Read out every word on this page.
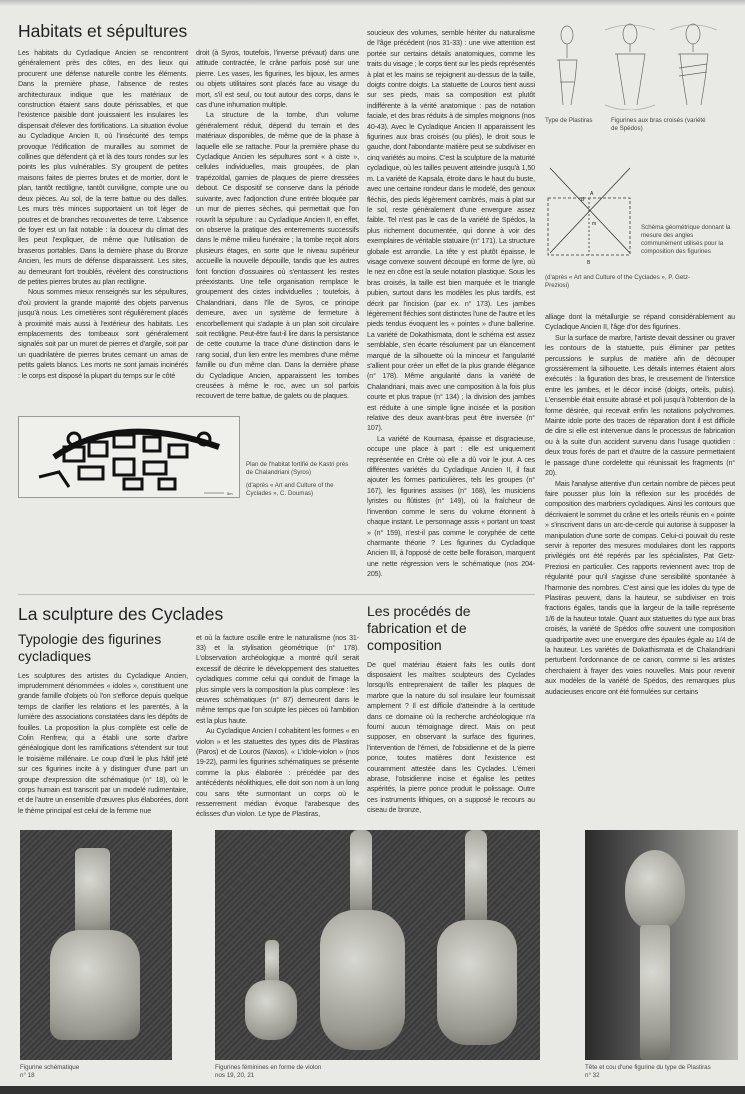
Habitats et sépultures

Les habitats du Cycladique Ancien se rencontrent généralement près des côtes, en des lieux qui procurent une défense naturelle contre les éléments. Dans la première phase, l'absence de restes architecturaux indique que les matériaux de construction étaient sans doute périssables, et que l'existence paisible dont jouissaient les insulaires les dispensait d'élever des fortifications. La situation évolue au Cycladique Ancien II, où l'insécurité des temps provoque l'édification de murailles au sommet de collines que défendent çà et là des tours rondes sur les points les plus vulnérables. S'y groupent de petites maisons faites de pierres brutes et de mortier, dont le plan, tantôt rectiligne, tantôt curviligne, compte une ou deux pièces. Au sol, de la terre battue ou des dalles. Les murs très minces supportaient un toit léger de poutres et de branches recouvertes de terre. L'absence de foyer est un fait notable : la douceur du climat des îles peut l'expliquer, de même que l'utilisation de braseros portables. Dans la dernière phase du Bronze Ancien, les murs de défense disparaissent. Les sites, au demeurant fort troublés, révèlent des constructions de petites pierres brutes au plan rectiligne.

Nous sommes mieux renseignés sur les sépultures, d'où provient la grande majorité des objets parvenus jusqu'à nous. Les cimetières sont régulièrement placés à proximité mais aussi à l'extérieur des habitats. Les emplacements des tombeaux sont généralement signalés soit par un muret de pierres et d'argile, soit par un quadrilatère de pierres brutes cernant un amas de petits galets blancs. Les morts ne sont jamais incinérés : le corps est disposé la plupart du temps sur le côté

droit (à Syros, toutefois, l'inverse prévaut) dans une attitude contractée, le crâne parfois posé sur une pierre. Les vases, les figurines, les bijoux, les armes ou objets utilitaires sont placés face au visage du mort, s'il est seul, ou tout autour des corps, dans le cas d'une inhumation multiple.

La structure de la tombe, d'un volume généralement réduit, dépend du terrain et des matériaux disponibles, de même que de la phase à laquelle elle se rattache. Pour la première phase du Cycladique Ancien les sépultures sont « à ciste », cellules individuelles, mais groupées, de plan trapézoïdal, garnies de plaques de pierre dressées debout. Ce dispositif se conserve dans la période suivante, avec l'adjonction d'une entrée bloquée par un mur de pierres sèches, qui permettait que l'on rouvrît la sépulture : au Cycladique Ancien II, en effet, on observe la pratique des enterrements successifs dans le même milieu funéraire ; la tombe reçoit alors plusieurs étages, en sorte que le niveau supérieur accueille la nouvelle dépouille, tandis que les autres font fonction d'ossuaires où s'entassent les restes préexistants. Une telle organisation remplace le groupement des cistes individuelles ; toutefois, à Chalandriani, dans l'île de Syros, ce principe demeure, avec un système de fermeture à encorbellement qui s'adapte à un plan soit circulaire soit rectiligne. Peut-être faut-il lire dans la persistance de cette coutume la trace d'une distinction dans le rang social, d'un lien entre les membres d'une même famille ou d'un même clan. Dans la dernière phase du Cycladique Ancien, apparaissent les tombes creusées à même le roc, avec un sol parfois recouvert de terre battue, de galets ou de plaques.

5m
Plan de l'habitat fortifié de Kastri près de Chalandriani (Syros)
(d'après « Art and Culture of the Cyclades », C. Doumas)

soucieux des volumes, semble hériter du naturalisme de l'âge précédent (nos 31-33) : une vive attention est portée sur certains détails anatomiques, comme les traits du visage ; le corps tient sur les pieds représentés à plat et les mains se rejoignent au-dessus de la taille, doigts contre doigts. La statuette de Louros tient aussi sur ses pieds, mais sa composition est plutôt indifférente à la vérité anatomique : pas de notation faciale, et des bras réduits à de simples moignons (nos 40-43). Avec le Cycladique Ancien II apparaissent les figurines aux bras croisés (ou pliés), le droit sous le gauche, dont l'abondante matière peut se subdiviser en cinq variétés au moins. C'est la sculpture de la maturité cycladique, où les tailles peuvent atteindre jusqu'à 1,50 m. La variété de Kapsala, étroite dans le haut du buste, avec une certaine rondeur dans le modelé, des genoux fléchis, des pieds légèrement cambrés, mais à plat sur le sol, reste généralement d'une envergure assez faible. Tel n'est pas le cas de la variété de Spédos, la plus richement documentée, qui donne à voir des exemplaires de véritable statuaire (n° 171). La structure globale est arrondie. La tête y est plutôt épaisse, le visage convexe souvent découpé en forme de lyre, où le nez en cône est la seule notation plastique. Sous les bras croisés, la taille est bien marquée et le triangle pubien, surtout dans les modèles les plus tardifs, est décrit par l'incision (par ex. n° 173). Les jambes légèrement fléchies sont distinctes l'une de l'autre et les pieds tendus évoquent les « pointes » d'une ballerine. La variété de Dokathismata, dont le schéma est assez semblable, s'en écarte résolument par un élancement marqué de la silhouette où la minceur et l'angularité s'allient pour créer un effet de la plus grande élégance (n° 178). Même angularité dans la variété de Chalandriani, mais avec une composition à la fois plus courte et plus trapue (n° 134) ; la division des jambes est réduite à une simple ligne incisée et la position relative des deux avant-bras peut être inversée (n° 107).

La variété de Koumasa, épaisse et disgracieuse, occupe une place à part : elle est uniquement représentée en Crète où elle a dû voir le jour. A ces différentes variétés du Cycladique Ancien II, il faut ajouter les formes particulières, tels les groupes (n° 167), les figurines assises (n° 168), les musiciens lyristes ou flûtistes (n° 149), où la fraîcheur de l'invention comme le sens du volume étonnent à chaque instant. Le personnage assis « portant un toast » (n° 159), n'est-il pas comme le coryphée de cette charmante théorie ? Les figurines du Cycladique Ancien III, à l'opposé de cette belle floraison, marquent une nette régression vers le schématique (nos 204-205).

La sculpture des Cyclades
Typologie des figurines cycladiques

Les sculptures des artistes du Cycladique Ancien, imprudemment dénommées « idoles », constituent une grande famille d'objets où l'on s'efforce depuis quelque temps de clarifier les relations et les parentés, à la lumière des associations constatées dans les dépôts de fouilles. La proposition la plus complète est celle de Colin Renfrew, qui a établi une sorte d'arbre généalogique dont les ramifications s'étendent sur tout le troisième millénaire. Le coup d'œil le plus hâtif jeté sur ces figurines incite à y distinguer d'une part un groupe d'expression dite schématique (n° 18), où le corps humain est transcrit par un modelé rudimentaire, et de l'autre un ensemble d'œuvres plus élaborées, dont le thème principal est celui de la femme nue

et où la facture oscille entre le naturalisme (nos 31-33) et la stylisation géométrique (n° 178). L'observation archéologique a montré qu'il serait excessif de décrire le développement des statuettes cycladiques comme celui qui conduit de l'image la plus simple vers la composition la plus complexe : les œuvres schématiques (n° 87) demeurent dans le même temps que l'on sculpte les pièces où l'ambition est la plus haute.

Au Cycladique Ancien I cohabitent les formes « en violon » et les statuettes des types dits de Plastiras (Paros) et de Louros (Naxos). « L'idole-violon » (nos 19-22), parmi les figurines schématiques se présente comme la plus élaborée : précédée par des antécédents néolithiques, elle doit son nom à un long cou sans tête surmontant un corps où le resserrement médian évoque l'arabesque des éclisses d'un violon. Le type de Plastiras,

Les procédés de fabrication et de composition

De quel matériau étaient faits les outils dont disposaient les maîtres sculpteurs des Cyclades lorsqu'ils entreprenaient de tailler les plaques de marbre que la nature du sol insulaire leur fournissait amplement ? Il est difficile d'atteindre à la certitude dans ce domaine où la recherche archéologique n'a fourni aucun témoignage direct. Mais on peut supposer, en observant la surface des figurines, l'intervention de l'émeri, de l'obsidienne et de la pierre ponce, toutes matières dont l'existence est couramment attestée dans les Cyclades. L'émeri abrase, l'obsidienne incise et égalise les petites aspérités, la pierre ponce produit le polissage. Outre ces instruments lithiques, on a supposé le recours au ciseau de bronze,

Type de Plastiras	Figurines aux bras croisés (variété de Spédos)
A
B
m
B
Schéma géométrique donnant la mesure des angles communément utilisés pour la composition des figurines
(d'après « Art and Culture of the Cyclades », P. Getz-Preziosi)

alliage dont la métallurgie se répand considérablement au Cycladique Ancien II, l'âge d'or des figurines.

Sur la surface de marbre, l'artiste devait dessiner ou graver les contours de la statuette, puis éliminer par petites percussions le surplus de matière afin de découper grossièrement la silhouette. Les détails internes étaient alors exécutés : la figuration des bras, le creusement de l'interstice entre les jambes, et le décor incisé (doigts, orteils, pubis). L'ensemble était ensuite abrasé et poli jusqu'à l'obtention de la forme désirée, qui recevait enfin les notations polychromes. Mainte idole porte des traces de réparation dont il est difficile de dire si elle est intervenue dans le processus de fabrication ou à la suite d'un accident survenu dans l'usage quotidien : deux trous forés de part et d'autre de la cassure permettaient le passage d'une cordelette qui réunissait les fragments (n° 20).

Mais l'analyse attentive d'un certain nombre de pièces peut faire pousser plus loin la réflexion sur les procédés de composition des marbriers cycladiques. Ainsi les contours que décrivaient le sommet du crâne et les orteils réunis en « pointe » s'inscrivent dans un arc-de-cercle qui autorise à supposer la manipulation d'une sorte de compas. Celui-ci pouvait du reste servir à reporter des mesures modulaires dont les rapports privilégiés ont été repérés par les spécialistes, Pat Getz-Preziosi en particulier. Ces rapports reviennent avec trop de régularité pour qu'il s'agisse d'une sensibilité spontanée à l'harmonie des nombres. C'est ainsi que les idoles du type de Plastiras peuvent, dans la hauteur, se subdiviser en trois fractions égales, tandis que la largeur de la taille représente 1/6 de la hauteur totale. Quant aux statuettes du type aux bras croisés, la variété de Spédos offre souvent une composition quadripartite avec une envergure des épaules égale au 1/4 de la hauteur. Les variétés de Dokathismata et de Chalandriani perturbent l'ordonnance de ce canon, comme si les artistes cherchaient à frayer des voies nouvelles. Mais pour revenir aux modèles de la variété de Spédos, des remarques plus audacieuses encore ont été formulées sur certains

Figurine schématique
n° 18
Figurines féminines en forme de violon
nos 19, 20, 21
Tête et cou d'une figurine du type de Plastiras
n° 32
